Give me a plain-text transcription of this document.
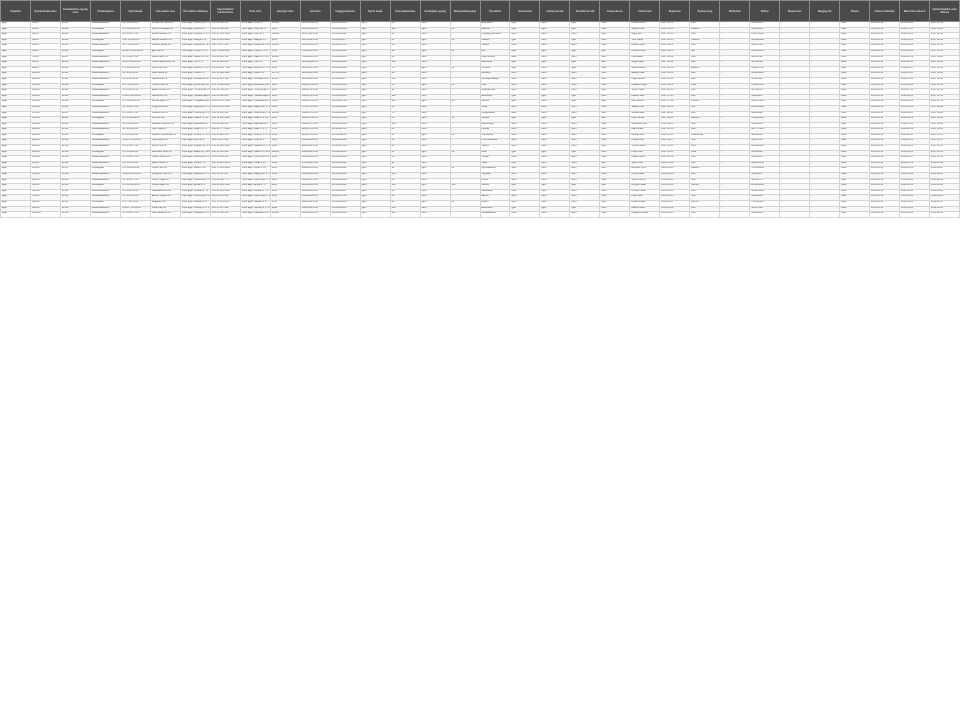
Település	Nyilvántartási szám	Kereskedelmi egység neve	Üzletkategória	Nyitvatartás	Üzemeltető neve	Üzemeltető székhelye	Kapcsolattartó telefonszáma	Üzlet címe	Helyrajzi szám	Adószám	Cégjegyzékszám	Nyitva tartás	Üzlet alapterülete	Vendéglátó egység	Befogadóképesség	Termékkör	Szeszesital	Dohánytermék	Jövedéki termék	Zenés-táncos	Üzletvezető	Bejelentés	Tevékenység	Módosítás	Telefon	Megszűnés	Megjegyzés	Állapot	Utolsó módosítás	Ellenőrzés dátuma	Nyilvántartásba vétel dátuma
Eger	1/2017	E-101	Kiskereskedelmi	H-P 8:00-18:00	Kovács és Társa Kft.	3300 Eger, Széchenyi u. 12.	+36 36 412 550	3300 Eger, Fő tér 4.	1432/2	12345678-2-10	10-09-021345	Igen	52	Nem	-	Élelmiszer	Igen	Nem	Igen	Nem	Kovács Anna	2017.01.12	Bolt	-	36/412550	-	-	Aktív	2019.04.16	2018.06.02	2017.01.12
Eger	2/2017	E-102	Vendéglátó	H-V 10:00-22:00	Dobó Vendéglátó Bt.	3300 Eger, Dobó tér 6.	+36 36 320 118	3300 Eger, Dobó tér 6.	2011	23456789-2-10	10-06-004512	Igen	120	Igen	60	Étterem	Igen	Igen	Igen	Nem	Szabó Péter	2017.01.20	Étterem	-	36/320118	-	-	Aktív	2019.04.16	2018.07.11	2017.01.20
Eger	3/2017	E-103	Kiskereskedelmi	H-P 9:00-17:00	Minta Zöldség Kft.	3300 Eger, Kossuth L. u. 3.	+36 20 555 1201	3300 Eger, Piac tér 1.	1560/4	34567891-2-10	10-09-030112	Igen	35	Nem	-	Zöldség-gyümölcs	Nem	Nem	Nem	Nem	Nagy Éva	2017.02.03	Bolt	-	20/5551201	-	-	Aktív	2019.04.16	2018.03.21	2017.02.03
Eger	4/2017	E-104	Vendéglátó	H-Sz 8:00-20:00	Bástya Kávézó Kft.	3300 Eger, Bástya u. 2.	+36 30 412 8890	3300 Eger, Bástya u. 2.	1201	45678912-2-10	10-09-031877	Igen	64	Igen	32	Kávézó	Igen	Nem	Igen	Nem	Tóth Gábor	2017.02.15	Kávézó	-	30/4128890	-	-	Aktív	2019.04.16	2018.05.08	2017.02.15
Eger	5/2017	E-105	Kiskereskedelmi	H-P 7:00-19:00	Heves Pékség Kft.	3300 Eger, Mátyás kir. út 45.	+36 36 517 004	3300 Eger, Mátyás kir. út 45.	3301/1	56789123-2-10	10-09-027665	Igen	48	Nem	-	Pékáru	Nem	Nem	Nem	Nem	Fekete Ildikó	2017.03.01	Bolt	-	36/517004	-	-	Aktív	2019.04.16	2018.09.14	2017.03.01
Eger	6/2017	E-106	Vendéglátó	Cs-Szo 18:00-02:00	Éjjel Bár Bt.	3300 Eger, Csiky S. u. 8.	+36 70 230 4411	3300 Eger, Csiky S. u. 8.	1788	67891234-2-10	10-06-005890	Igen	90	Igen	80	Bár	Igen	Igen	Igen	Igen	Horváth Zsolt	2017.03.09	Bár	-	70/2304411	-	-	Aktív	2019.04.16	2018.10.02	2017.03.09
Eger	7/2017	E-107	Kiskereskedelmi	H-P 8:00-17:00	Agria Papír Kft.	3300 Eger, Rákóczi u. 20.	+36 36 312 709	3300 Eger, Rákóczi u. 20.	2450/3	78912345-2-10	10-09-028034	Igen	40	Nem	-	Papír-írószer	Nem	Nem	Nem	Nem	Kiss Márta	2017.03.22	Bolt	-	36/312709	-	-	Aktív	2019.04.16	2018.02.19	2017.03.22
Eger	8/2017	E-108	Kiskereskedelmi	H-Szo 8:00-20:00	Várkert Élelmiszer Kft.	3300 Eger, Vár u. 1.	+36 36 410 220	3300 Eger, Vár u. 1.	1002	89123456-2-10	10-09-029912	Igen	210	Nem	-	Élelmiszer	Igen	Igen	Igen	Nem	Varga Lajos	2017.04.04	Bolt	-	36/410220	-	-	Aktív	2019.04.16	2018.04.30	2017.04.04
Eger	9/2017	E-109	Vendéglátó	H-V 11:00-23:00	Pizza Pont Kft.	3300 Eger, Knézich K. u. 5.	+36 20 331 7760	3300 Eger, Knézich K. u. 5.	1345	91234567-2-10	10-09-032201	Igen	75	Igen	40	Pizzéria	Igen	Nem	Igen	Nem	Molnár Dávid	2017.04.18	Étterem	-	20/3317760	-	-	Aktív	2019.04.16	2018.08.27	2017.04.18
Eger	10/2017	E-110	Kiskereskedelmi	H-P 9:00-18:00	Divat Sarok Bt.	3300 Eger, Jókai u. 9.	+36 30 908 1123	3300 Eger, Jókai u. 9.	1677/2	11234568-2-10	10-06-006123	Igen	58	Nem	-	Ruházat	Nem	Nem	Nem	Nem	Balogh Kata	2017.05.02	Bolt	-	30/9081123	-	-	Aktív	2019.04.16	2018.11.05	2017.05.02
Eger	11/2017	E-111	Kiskereskedelmi	H-P 8:00-16:00	Gazda Bolt Kft.	3300 Eger, Kistályai út 30.	+36 36 515 302	3300 Eger, Kistályai út 30.	4102/7	12234569-2-10	10-09-030877	Igen	150	Nem	-	Mezőgazdasági	Nem	Nem	Nem	Nem	Papp Ferenc	2017.05.16	Bolt	-	36/515302	-	-	Aktív	2019.04.16	2018.01.23	2017.05.16
Eger	12/2017	E-112	Vendéglátó	H-V 7:00-21:00	Líceum Büfé Bt.	3300 Eger, Eszterházy tér 1.	+36 70 662 0145	3300 Eger, Eszterházy tér 1.	1100	13234570-2-10	10-06-006441	Igen	30	Igen	20	Büfé	Nem	Nem	Nem	Nem	Lakatos Ibolya	2017.06.01	Büfé	-	70/6620145	-	-	Aktív	2019.04.16	2018.06.18	2017.06.01
Eger	13/2017	E-113	Kiskereskedelmi	H-P 8:00-18:00	Elektro Plusz Kft.	3300 Eger, Törvényház u. 14.	+36 36 788 210	3300 Eger, Törvényház u. 14.	1902	14234571-2-10	10-09-031045	Igen	95	Nem	-	Műszaki cikk	Nem	Nem	Nem	Nem	Simon Ákos	2017.06.13	Bolt	-	36/788210	-	-	Aktív	2019.04.16	2018.07.30	2017.06.13
Eger	14/2017	E-114	Kiskereskedelmi	H-Szo 6:00-20:00	Sarok ABC Kft.	3300 Eger, Hatvani kapu t	+36 36 411 905	3300 Eger, Hatvani kapu t	2233	15234572-2-10	10-09-029503	Igen	180	Nem	-	Élelmiszer	Igen	Igen	Igen	Nem	Farkas Judit	2017.07.05	Bolt	-	36/411905	-	-	Aktív	2019.04.16	2018.09.03	2017.07.05
Eger	15/2017	E-115	Vendéglátó	H-V 12:00-24:00	Borház Eger Kft.	3300 Eger, Szépasszony-	+36 30 555 7812	3300 Eger, Szépasszony-	7810	16234573-2-10	10-09-032760	Igen	140	Igen	90	Borozó	Igen	Nem	Igen	Igen	Gál Norbert	2017.07.19	Borozó	-	30/5557812	-	-	Aktív	2019.04.16	2018.10.22	2017.07.19
Eger	16/2017	E-116	Kiskereskedelmi	H-P 9:00-17:00	Virág Kuckó Bt.	3300 Eger, Bajcsy-Zs. u. 11.	+36 20 415 9980	3300 Eger, Bajcsy-Zs. u. 11.	1566	17234574-2-10	10-06-006802	Igen	25	Nem	-	Virág	Nem	Nem	Nem	Nem	Takács Lilla	2017.08.02	Bolt	-	20/4159980	-	-	Aktív	2019.04.16	2018.12.10	2017.08.02
Eger	17/2017	E-117	Kiskereskedelmi	H-P 8:00-17:00	Patika Pont Kft.	3300 Eger, Széchenyi u. 40.	+36 36 413 602	3300 Eger, Széchenyi u. 40.	1401/1	18234575-2-10	10-09-030344	Igen	70	Nem	-	Gyógyászati	Nem	Nem	Nem	Nem	Juhász Béla	2017.08.21	Bolt	-	36/413602	-	-	Aktív	2019.04.16	2018.03.05	2017.08.21
Eger	18/2017	E-118	Vendéglátó	H-V 10:00-22:00	Grill Kert Bt.	3300 Eger, Deák F. u. 22.	+36 70 218 6634	3300 Eger, Deák F. u. 22.	2120	19234576-2-10	10-06-007015	Igen	85	Igen	50	Grillbár	Igen	Igen	Igen	Nem	Oláh Tamás	2017.09.06	Étterem	-	70/2186634	-	-	Aktív	2019.04.16	2018.05.29	2017.09.06
Eger	19/2017	E-119	Kiskereskedelmi	H-P 8:00-18:00	Barkács Centrum Kft.	3300 Eger, Lajosváros 2.	+36 36 520 144	3300 Eger, Lajosváros 2.	5521	20234577-2-10	10-09-031566	Igen	320	Nem	-	Építőanyag	Nem	Nem	Nem	Nem	Mészáros Ottó	2017.09.20	Bolt	-	36/520144	-	-	Aktív	2019.04.16	2018.07.16	2017.09.20
Eger	20/2017	E-120	Kiskereskedelmi	H-P 9:00-18:00	Cipő Világ Bt.	3300 Eger, Zalár J. u. 4.	+36 30 777 3321	3300 Eger, Zalár J. u. 4.	1710	21234578-2-10	10-06-007230	Igen	62	Nem	-	Lábbeli	Nem	Nem	Nem	Nem	Rácz Erika	2017.10.03	Bolt	-	30/7773321	-	-	Aktív	2019.04.16	2018.08.09	2017.10.03
Eger	21/2017	E-121	Vendéglátó	H-V 8:00-22:00	Minaret Cukrászda Kft.	3300 Eger, Knézich K. u. 2.	+36 36 410 009	3300 Eger, Knézich K. u. 2.	1340	22234579-2-10	10-09-032019	Igen	55	Igen	36	Cukrászda	Nem	Nem	Nem	Nem	Bodnár Zita	2017.10.17	Cukrászda	-	36/410009	-	-	Aktív	2019.04.16	2018.11.26	2017.10.17
Eger	22/2017	E-122	Kiskereskedelmi	H-Szo 7:00-19:00	Hús Mester Kft.	3300 Eger, Piac tér 3.	+36 36 517 660	3300 Eger, Piac tér 3.	1561	23234580-2-10	10-09-030998	Igen	44	Nem	-	Hús-hentesáru	Nem	Nem	Nem	Nem	Kocsis Imre	2017.11.07	Bolt	-	36/517660	-	-	Aktív	2019.04.16	2018.02.12	2017.11.07
Eger	23/2017	E-123	Kiskereskedelmi	H-P 9:00-17:00	Mobil Pont Bt.	3300 Eger, Klapka Gy. u. 6.	+36 20 990 4410	3300 Eger, Klapka Gy. u. 6.	1622	24234581-2-10	10-06-007544	Igen	22	Nem	-	Telefon	Nem	Nem	Nem	Nem	Vincze Ádám	2017.11.21	Bolt	-	20/9904410	-	-	Aktív	2019.04.16	2018.04.16	2017.11.21
Eger	24/2017	E-124	Vendéglátó	H-V 6:00-22:00	Benzinkút Büfé Kft.	3300 Eger, Rákóczi u. 110.	+36 36 312 880	3300 Eger, Rákóczi u. 110.	3901/2	25234582-2-10	10-09-031234	Igen	38	Igen	12	Büfé	Igen	Igen	Igen	Nem	Pintér Rita	2017.12.05	Büfé	-	36/312880	-	-	Aktív	2019.04.16	2018.06.25	2017.12.05
Eger	25/2017	E-125	Kiskereskedelmi	H-P 8:00-17:00	Optika Stúdió Kft.	3300 Eger, Széchenyi u. 25.	+36 36 412 118	3300 Eger, Széchenyi u. 25.	1418	26234583-2-10	10-09-032488	Igen	34	Nem	-	Optika	Nem	Nem	Nem	Nem	Halász Nóra	2017.12.19	Bolt	-	36/412118	-	-	Aktív	2019.04.16	2018.09.17	2017.12.19
Eger	1/2018	E-126	Kiskereskedelmi	H-P 8:00-18:00	Játék Kuckó Bt.	3300 Eger, Jókai u. 15.	+36 30 621 0044	3300 Eger, Jókai u. 15.	1680	27234584-2-10	10-06-007811	Igen	46	Nem	-	Játék	Nem	Nem	Nem	Nem	Sipos Vera	2018.01.09	Bolt	-	30/6210044	-	-	Aktív	2019.04.16	2018.10.29	2018.01.09
Eger	2/2018	E-127	Vendéglátó	H-V 11:00-22:00	Gyros Ház Kft.	3300 Eger, Dobó u. 18.	+36 70 505 2219	3300 Eger, Dobó u. 18.	2030	28234585-2-10	10-09-033012	Igen	42	Igen	24	Gyorsétterem	Nem	Nem	Nem	Nem	Demeter Áron	2018.01.23	Étterem	-	70/5052219	-	-	Aktív	2019.04.16	2018.12.03	2018.01.23
Eger	3/2018	E-128	Kiskereskedelmi	H-Szo 8:00-19:00	Drogéria Plusz Kft.	3300 Eger, Bajcsy-Zs. u. 3.	+36 36 411 337	3300 Eger, Bajcsy-Zs. u. 3.	1559	29234586-2-10	10-09-033240	Igen	130	Nem	-	Vegyiáru	Nem	Nem	Nem	Nem	Orsós Klára	2018.02.06	Bolt	-	36/411337	-	-	Aktív	2019.04.16	2019.01.14	2018.02.06
Eger	4/2018	E-129	Kiskereskedelmi	H-P 9:00-17:00	Könyv Sziget Bt.	3300 Eger, Széchenyi u. 8.	+36 36 320 775	3300 Eger, Széchenyi u. 8.	1404	30234587-2-10	10-06-008006	Igen	60	Nem	-	Könyv	Nem	Nem	Nem	Nem	Szűcs Henrik	2018.02.20	Bolt	-	36/320775	-	-	Aktív	2019.04.16	2019.02.04	2018.02.20
Eger	5/2018	E-130	Vendéglátó	H-V 10:00-24:00	Sörkert Eger Kft.	3300 Eger, Érsek u. 4.	+36 20 600 1189	3300 Eger, Érsek u. 4.	1225	31234588-2-10	10-09-033498	Igen	160	Igen	110	Söröző	Igen	Igen	Igen	Igen	Lengyel Máté	2018.03.06	Söröző	-	20/6001189	-	-	Aktív	2019.04.16	2019.02.25	2018.03.06
Eger	6/2018	E-131	Kiskereskedelmi	H-P 8:00-16:00	Állateledel Bolt Bt.	3300 Eger, Kertész u. 71.	+36 30 441 5520	3300 Eger, Kertész u. 71.	4560	32234589-2-10	10-06-008217	Igen	36	Nem	-	Állateledel	Nem	Nem	Nem	Nem	Borbély Gitta	2018.03.20	Bolt	-	30/4415520	-	-	Aktív	2019.04.16	2019.03.11	2018.03.20
Eger	7/2018	E-132	Kiskereskedelmi	H-P 9:00-18:00	Ékszer Szalon Kft.	3300 Eger, Széchenyi u. 30.	+36 36 413 090	3300 Eger, Széchenyi u. 30.	1410	33234590-2-10	10-09-033701	Igen	28	Nem	-	Ékszer	Nem	Nem	Nem	Nem	Fodor Edit	2018.04.03	Bolt	-	36/413090	-	-	Aktív	2019.04.16	2019.03.25	2018.04.03
Eger	8/2018	E-133	Vendéglátó	H-V 7:00-19:00	Reggeliző Bt.	3300 Eger, Maklári út 9.	+36 70 331 0087	3300 Eger, Maklári út 9.	3702	34234591-2-10	10-06-008430	Igen	40	Igen	28	Bisztró	Nem	Nem	Nem	Nem	Antal Richárd	2018.04.17	Bisztró	-	70/3310087	-	-	Aktív	2019.04.16	2019.04.01	2018.04.17
Eger	9/2018	E-134	Kiskereskedelmi	H-Szo 7:00-20:00	Friss Piac Kft.	3300 Eger, Grónay S. u. 2.	+36 36 517 221	3300 Eger, Grónay S. u. 2.	2988	35234592-2-10	10-09-033955	Igen	240	Nem	-	Élelmiszer	Igen	Igen	Igen	Nem	Bakos Linda	2018.05.02	Bolt	-	36/517221	-	-	Aktív	2019.04.16	2019.04.08	2018.05.02
Eger	10/2018	E-135	Kiskereskedelmi	H-P 8:00-17:00	Autó Alkatrész Kft.	3300 Eger, Faiskola út 12.	+36 36 520 908	3300 Eger, Faiskola út 12.	5102/3	36234593-2-10	10-09-034112	Igen	110	Nem	-	Autóalkatrész	Nem	Nem	Nem	Nem	Hegedűs Zoltán	2018.05.16	Bolt	-	36/520908	-	-	Aktív	2019.04.16	2019.04.10	2018.05.16
